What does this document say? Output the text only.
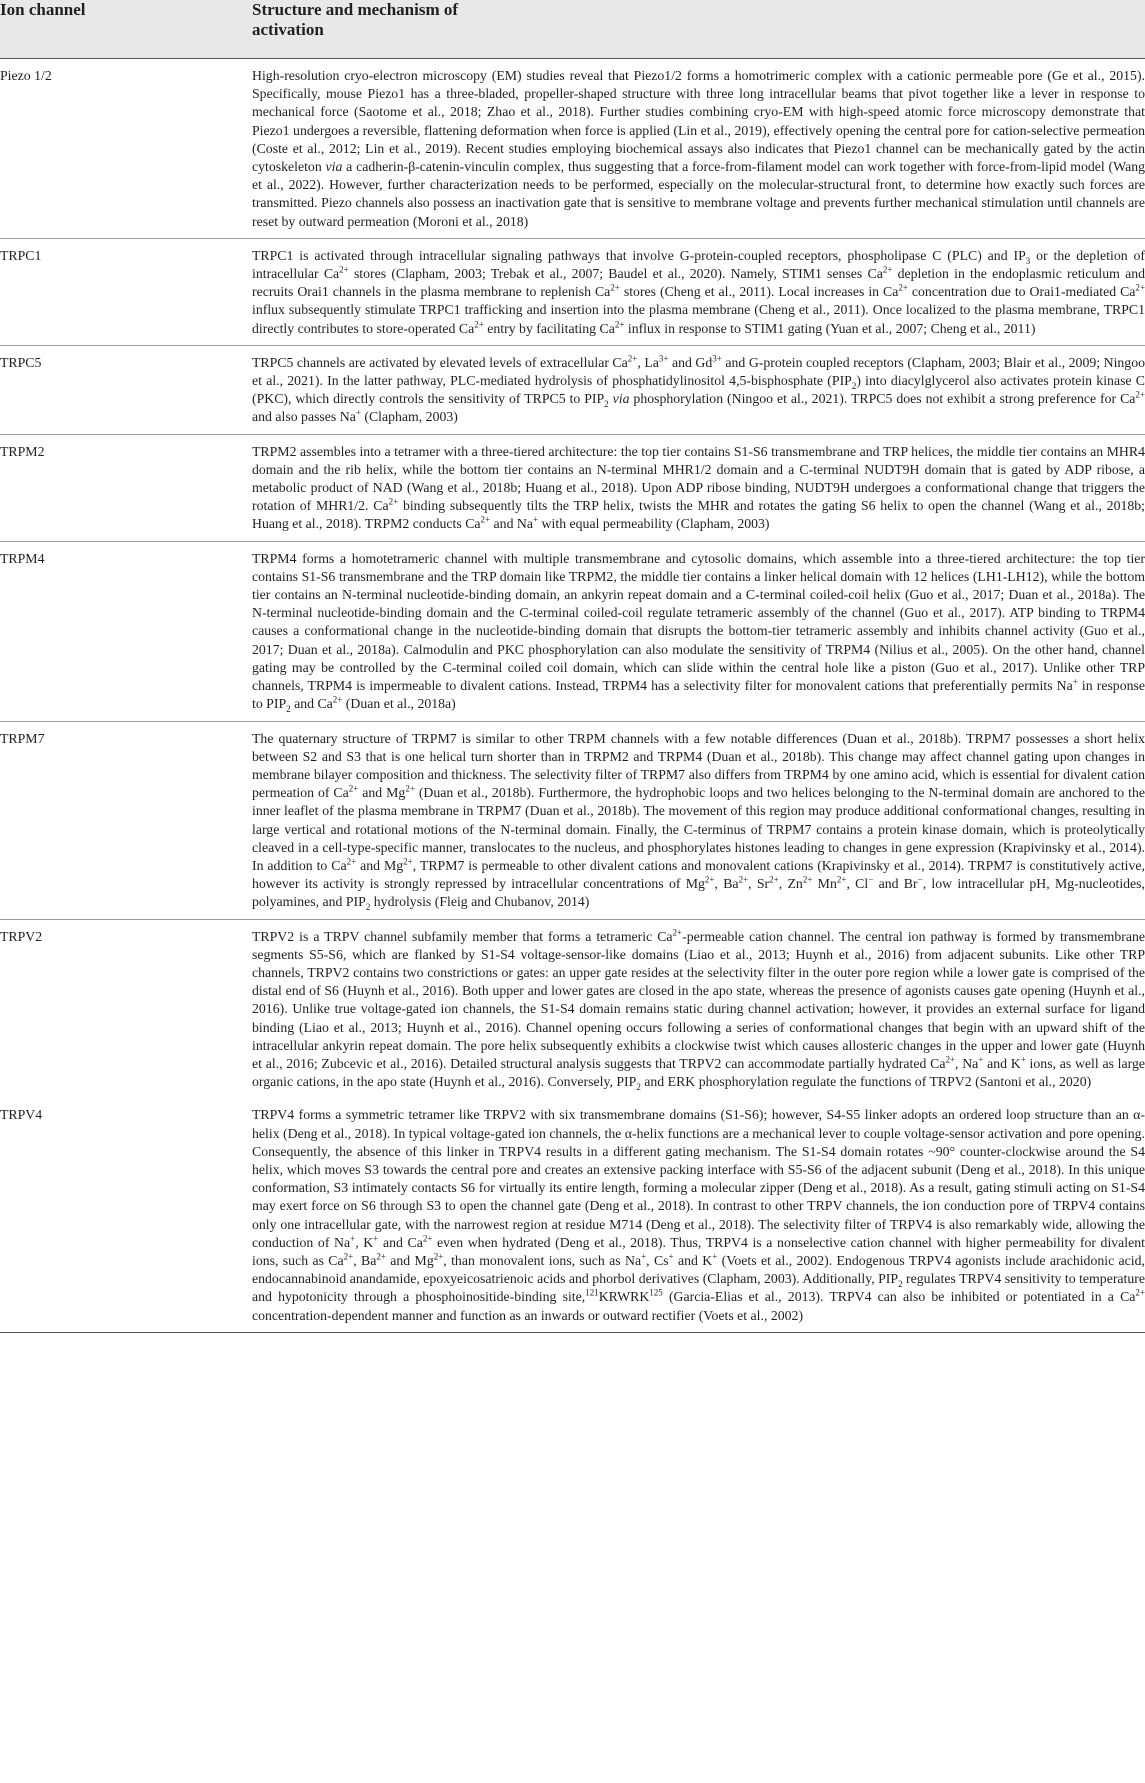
Ion channel	Structure and mechanism of activation
Piezo 1/2	High-resolution cryo-electron microscopy (EM) studies reveal that Piezo1/2 forms a homotrimeric complex with a cationic permeable pore (Ge et al., 2015). Specifically, mouse Piezo1 has a three-bladed, propeller-shaped structure with three long intracellular beams that pivot together like a lever in response to mechanical force (Saotome et al., 2018; Zhao et al., 2018). Further studies combining cryo-EM with high-speed atomic force microscopy demonstrate that Piezo1 undergoes a reversible, flattening deformation when force is applied (Lin et al., 2019), effectively opening the central pore for cation-selective permeation (Coste et al., 2012; Lin et al., 2019). Recent studies employing biochemical assays also indicates that Piezo1 channel can be mechanically gated by the actin cytoskeleton via a cadherin-β-catenin-vinculin complex, thus suggesting that a force-from-filament model can work together with force-from-lipid model (Wang et al., 2022). However, further characterization needs to be performed, especially on the molecular-structural front, to determine how exactly such forces are transmitted. Piezo channels also possess an inactivation gate that is sensitive to membrane voltage and prevents further mechanical stimulation until channels are reset by outward permeation (Moroni et al., 2018)
TRPC1	TRPC1 is activated through intracellular signaling pathways that involve G-protein-coupled receptors, phospholipase C (PLC) and $IP_3$ or the depletion of intracellular $Ca^{2+}$ stores (Clapham, 2003; Trebak et al., 2007; Baudel et al., 2020). Namely, STIM1 senses $Ca^{2+}$ depletion in the endoplasmic reticulum and recruits Orai1 channels in the plasma membrane to replenish $Ca^{2+}$ stores (Cheng et al., 2011). Local increases in $Ca^{2+}$ concentration due to Orai1-mediated $Ca^{2+}$ influx subsequently stimulate TRPC1 trafficking and insertion into the plasma membrane (Cheng et al., 2011). Once localized to the plasma membrane, TRPC1 directly contributes to store-operated $Ca^{2+}$ entry by facilitating $Ca^{2+}$ influx in response to STIM1 gating (Yuan et al., 2007; Cheng et al., 2011)
TRPC5	TRPC5 channels are activated by elevated levels of extracellular $Ca^{2+}$, $La^{3+}$ and $Gd^{3+}$ and G-protein coupled receptors (Clapham, 2003; Blair et al., 2009; Ningoo et al., 2021). In the latter pathway, PLC-mediated hydrolysis of phosphatidylinositol 4,5-bisphosphate $(PIP_2)$ into diacylglycerol also activates protein kinase C (PKC), which directly controls the sensitivity of TRPC5 to $PIP_2$ via phosphorylation (Ningoo et al., 2021). TRPC5 does not exhibit a strong preference for $Ca^{2+}$ and also passes Na+ (Clapham, 2003)
TRPM2	TRPM2 assembles into a tetramer with a three-tiered architecture: the top tier contains S1-S6 transmembrane and TRP helices, the middle tier contains an MHR4 domain and the rib helix, while the bottom tier contains an N-terminal MHR1/2 domain and a C-terminal NUDT9H domain that is gated by ADP ribose, a metabolic product of NAD (Wang et al., 2018b; Huang et al., 2018). Upon ADP ribose binding, NUDT9H undergoes a conformational change that triggers the rotation of MHR1/2. $Ca^{2+}$ binding subsequently tilts the TRP helix, twists the MHR and rotates the gating S6 helix to open the channel (Wang et al., 2018b; Huang et al., 2018). TRPM2 conducts $Ca^{2+}$ and Na+ with equal permeability (Clapham, 2003)
TRPM4	TRPM4 forms a homotetrameric channel with multiple transmembrane and cytosolic domains, which assemble into a three-tiered architecture: the top tier contains S1-S6 transmembrane and the TRP domain like TRPM2, the middle tier contains a linker helical domain with 12 helices (LH1-LH12), while the bottom tier contains an N-terminal nucleotide-binding domain, an ankyrin repeat domain and a C-terminal coiled-coil helix (Guo et al., 2017; Duan et al., 2018a). The N-terminal nucleotide-binding domain and the C-terminal coiled-coil regulate tetrameric assembly of the channel (Guo et al., 2017). ATP binding to TRPM4 causes a conformational change in the nucleotide-binding domain that disrupts the bottom-tier tetrameric assembly and inhibits channel activity (Guo et al., 2017; Duan et al., 2018a). Calmodulin and PKC phosphorylation can also modulate the sensitivity of TRPM4 (Nilius et al., 2005). On the other hand, channel gating may be controlled by the C-terminal coiled coil domain, which can slide within the central hole like a piston (Guo et al., 2017). Unlike other TRP channels, TRPM4 is impermeable to divalent cations. Instead, TRPM4 has a selectivity filter for monovalent cations that preferentially permits Na+ in response to $PIP_2$ and $Ca^{2+}$ (Duan et al., 2018a)
TRPM7	The quaternary structure of TRPM7 is similar to other TRPM channels with a few notable differences (Duan et al., 2018b). TRPM7 possesses a short helix between S2 and S3 that is one helical turn shorter than in TRPM2 and TRPM4 (Duan et al., 2018b). This change may affect channel gating upon changes in membrane bilayer composition and thickness. The selectivity filter of TRPM7 also differs from TRPM4 by one amino acid, which is essential for divalent cation permeation of $Ca^{2+}$ and $Mg^{2+}$ (Duan et al., 2018b). Furthermore, the hydrophobic loops and two helices belonging to the N-terminal domain are anchored to the inner leaflet of the plasma membrane in TRPM7 (Duan et al., 2018b). The movement of this region may produce additional conformational changes, resulting in large vertical and rotational motions of the N-terminal domain. Finally, the C-terminus of TRPM7 contains a protein kinase domain, which is proteolytically cleaved in a cell-type-specific manner, translocates to the nucleus, and phosphorylates histones leading to changes in gene expression (Krapivinsky et al., 2014). In addition to $Ca^{2+}$ and $Mg^{2+}$, TRPM7 is permeable to other divalent cations and monovalent cations (Krapivinsky et al., 2014). TRPM7 is constitutively active, however its activity is strongly repressed by intracellular concentrations of $Mg^{2+}$, $Ba^{2+}$, $Sr^{2+}$, $Zn^{2+}$ $Mn^{2+}$, Cl− and Br−, low intracellular pH, Mg-nucleotides, polyamines, and $PIP_2$ hydrolysis (Fleig and Chubanov, 2014)
TRPV2	TRPV2 is a TRPV channel subfamily member that forms a tetrameric $Ca^{2+}$-permeable cation channel. The central ion pathway is formed by transmembrane segments S5-S6, which are flanked by S1-S4 voltage-sensor-like domains (Liao et al., 2013; Huynh et al., 2016) from adjacent subunits. Like other TRP channels, TRPV2 contains two constrictions or gates: an upper gate resides at the selectivity filter in the outer pore region while a lower gate is comprised of the distal end of S6 (Huynh et al., 2016). Both upper and lower gates are closed in the apo state, whereas the presence of agonists causes gate opening (Huynh et al., 2016). Unlike true voltage-gated ion channels, the S1-S4 domain remains static during channel activation; however, it provides an external surface for ligand binding (Liao et al., 2013; Huynh et al., 2016). Channel opening occurs following a series of conformational changes that begin with an upward shift of the intracellular ankyrin repeat domain. The pore helix subsequently exhibits a clockwise twist which causes allosteric changes in the upper and lower gate (Huynh et al., 2016; Zubcevic et al., 2016). Detailed structural analysis suggests that TRPV2 can accommodate partially hydrated $Ca^{2+}$, Na+ and K+ ions, as well as large organic cations, in the apo state (Huynh et al., 2016). Conversely, $PIP_2$ and ERK phosphorylation regulate the functions of TRPV2 (Santoni et al., 2020)
TRPV4	TRPV4 forms a symmetric tetramer like TRPV2 with six transmembrane domains (S1-S6); however, S4-S5 linker adopts an ordered loop structure than an α-helix (Deng et al., 2018). In typical voltage-gated ion channels, the α-helix functions are a mechanical lever to couple voltage-sensor activation and pore opening. Consequently, the absence of this linker in TRPV4 results in a different gating mechanism. The S1-S4 domain rotates ~90° counter-clockwise around the S4 helix, which moves S3 towards the central pore and creates an extensive packing interface with S5-S6 of the adjacent subunit (Deng et al., 2018). In this unique conformation, S3 intimately contacts S6 for virtually its entire length, forming a molecular zipper (Deng et al., 2018). As a result, gating stimuli acting on S1-S4 may exert force on S6 through S3 to open the channel gate (Deng et al., 2018). In contrast to other TRPV channels, the ion conduction pore of TRPV4 contains only one intracellular gate, with the narrowest region at residue M714 (Deng et al., 2018). The selectivity filter of TRPV4 is also remarkably wide, allowing the conduction of Na+, K+ and $Ca^{2+}$ even when hydrated (Deng et al., 2018). Thus, TRPV4 is a nonselective cation channel with higher permeability for divalent ions, such as $Ca^{2+}$, $Ba^{2+}$ and $Mg^{2+}$, than monovalent ions, such as Na+, Cs+ and K+ (Voets et al., 2002). Endogenous TRPV4 agonists include arachidonic acid, endocannabinoid anandamide, epoxyeicosatrienoic acids and phorbol derivatives (Clapham, 2003). Additionally, $PIP_2$ regulates TRPV4 sensitivity to temperature and hypotonicity through a phosphoinositide-binding site,$^{121}$KRWRK$^{125}$ (Garcia-Elias et al., 2013). TRPV4 can also be inhibited or potentiated in a $Ca^{2+}$ concentration-dependent manner and function as an inwards or outward rectifier (Voets et al., 2002)
